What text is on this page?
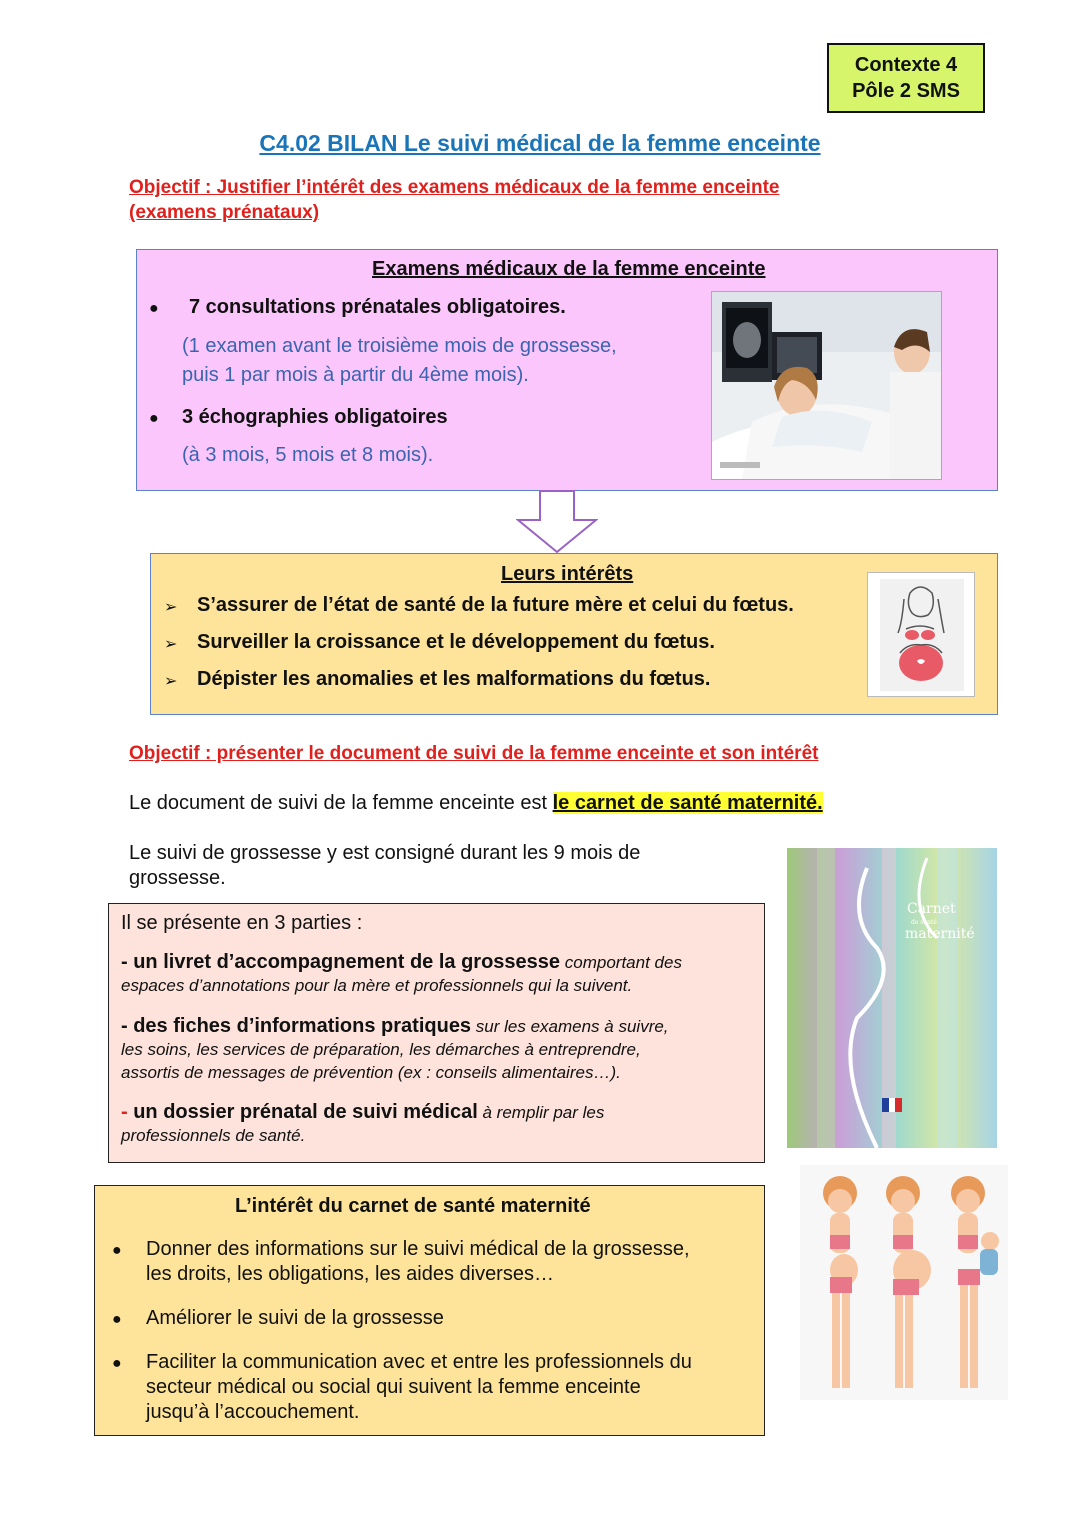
Contexte 4
Pôle 2 SMS
C4.02 BILAN Le suivi médical de la femme enceinte
Objectif : Justifier l’intérêt des examens médicaux de la femme enceinte
(examens prénataux)
Examens médicaux de la femme enceinte
● 7 consultations prénatales obligatoires.
(1 examen avant le troisième mois de grossesse,
puis 1 par mois à partir du 4ème mois).
● 3 échographies obligatoires
(à 3 mois, 5 mois et 8 mois).
Leurs intérêts
➢ S’assurer de l’état de santé de la future mère et celui du fœtus.
➢ Surveiller la croissance et le développement du fœtus.
➢ Dépister les anomalies et les malformations du fœtus.
Objectif : présenter le document de suivi de la femme enceinte et son intérêt
Le document de suivi de la femme enceinte est le carnet de santé maternité.
Le suivi de grossesse y est consigné durant les 9 mois de
grossesse.
Il se présente en 3 parties :
- un livret d’accompagnement de la grossesse comportant des
espaces d’annotations pour la mère et professionnels qui la suivent.
- des fiches d’informations pratiques sur les examens à suivre,
les soins, les services de préparation, les démarches à entreprendre,
assortis de messages de prévention (ex : conseils alimentaires…).
- un dossier prénatal de suivi médical à remplir par les
professionnels de santé.
Carnet
de santé
maternité
L’intérêt du carnet de santé maternité
● Donner des informations sur le suivi médical de la grossesse,
les droits, les obligations, les aides diverses…
● Améliorer le suivi de la grossesse
● Faciliter la communication avec et entre les professionnels du
secteur médical ou social qui suivent la femme enceinte
jusqu’à l’accouchement.
